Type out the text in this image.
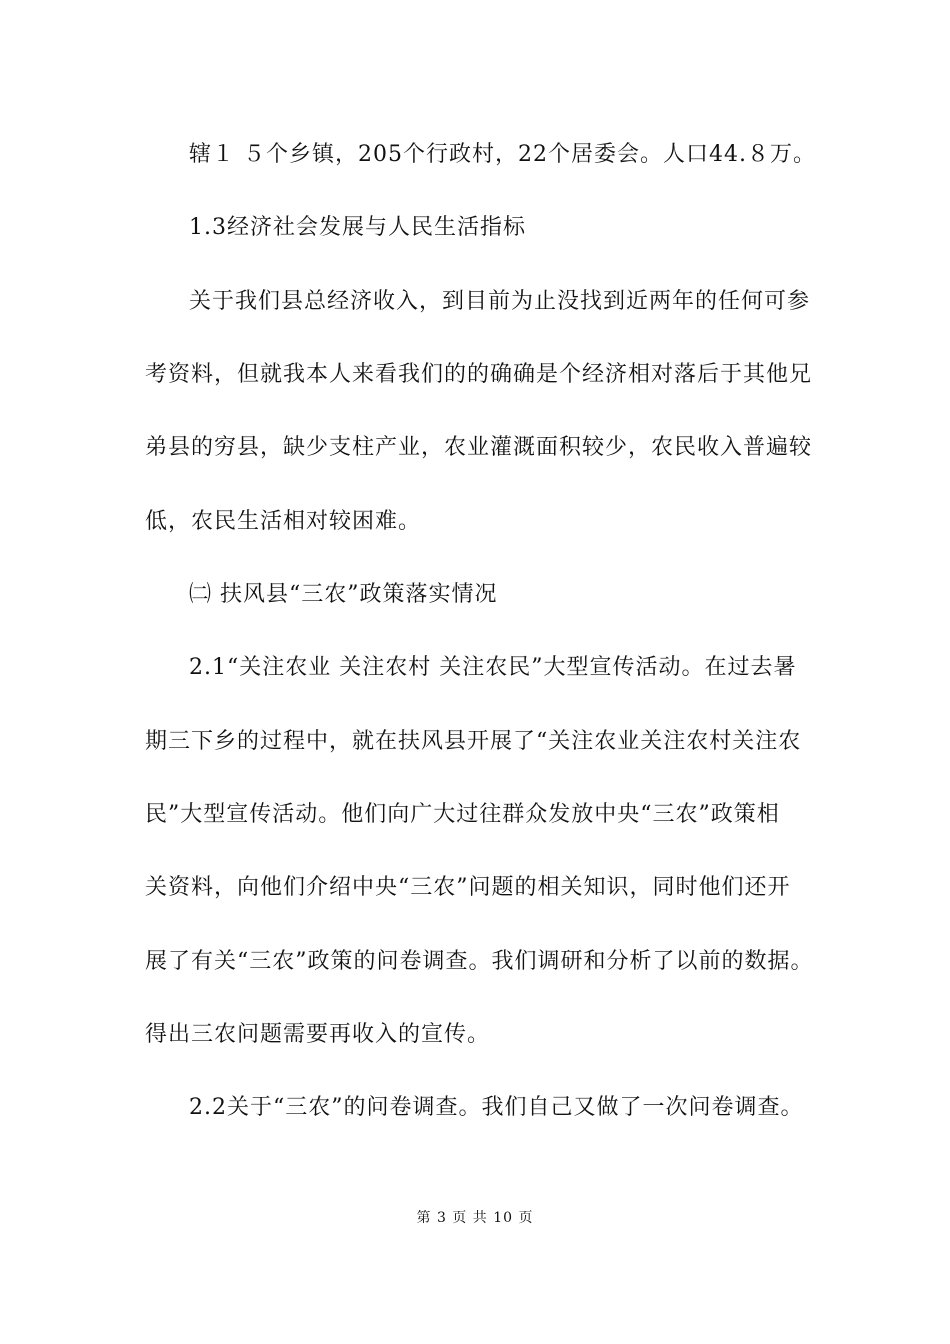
辖１ ５个乡镇，205个行政村，22个居委会。人口44.８万。
1.3经济社会发展与人民生活指标
关于我们县总经济收入，到目前为止没找到近两年的任何可参
考资料，但就我本人来看我们的的确确是个经济相对落后于其他兄
弟县的穷县，缺少支柱产业，农业灌溉面积较少，农民收入普遍较
低，农民生活相对较困难。
㈡ 扶风县“三农”政策落实情况
2.1“关注农业 关注农村 关注农民”大型宣传活动。在过去暑
期三下乡的过程中，就在扶风县开展了“关注农业关注农村关注农
民”大型宣传活动。他们向广大过往群众发放中央“三农”政策相
关资料，向他们介绍中央“三农”问题的相关知识，同时他们还开
展了有关“三农”政策的问卷调查。我们调研和分析了以前的数据。
得出三农问题需要再收入的宣传。
2.2关于“三农”的问卷调查。我们自己又做了一次问卷调查。
第 3 页 共 10 页
